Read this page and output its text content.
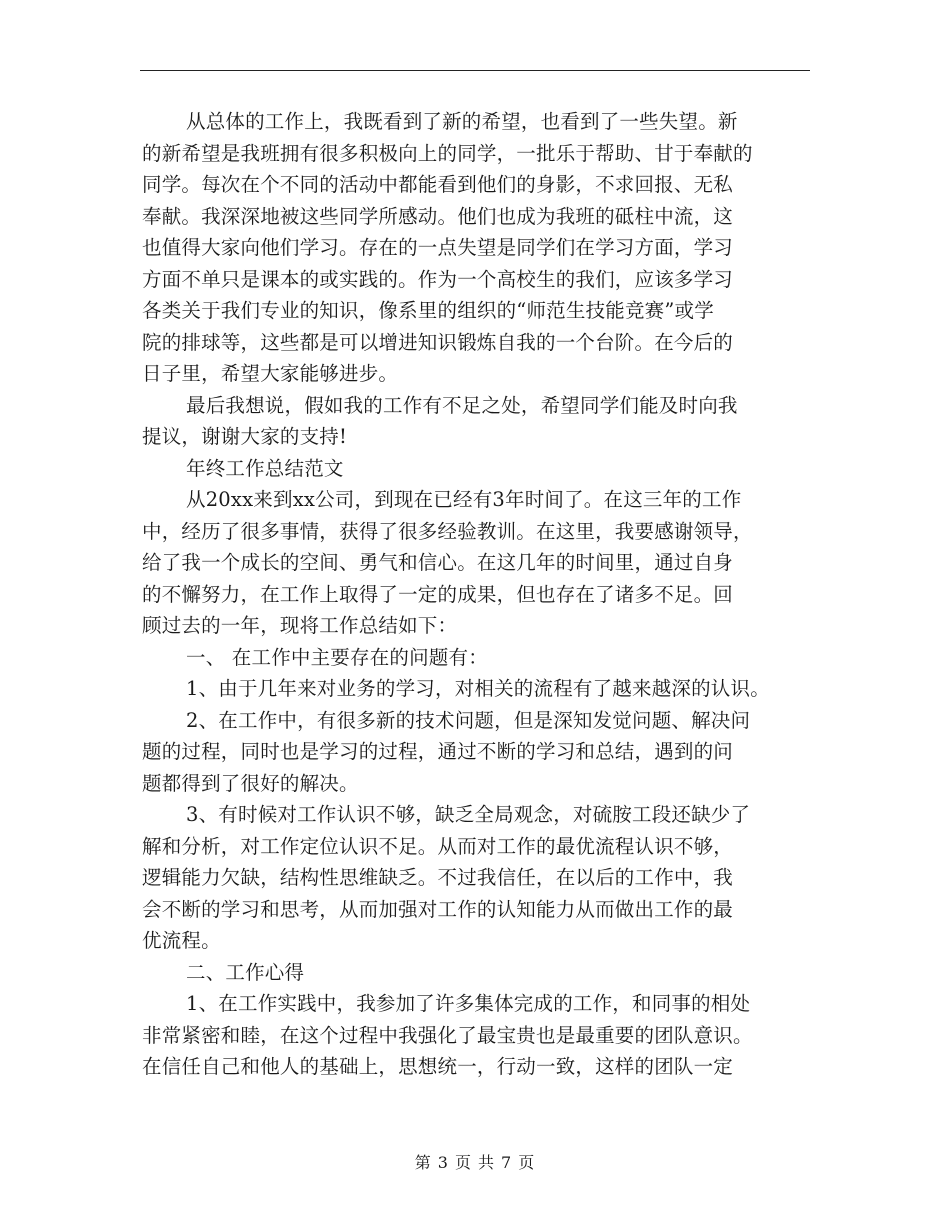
从总体的工作上，我既看到了新的希望，也看到了一些失望。新
的新希望是我班拥有很多积极向上的同学，一批乐于帮助、甘于奉献的
同学。每次在个不同的活动中都能看到他们的身影，不求回报、无私
奉献。我深深地被这些同学所感动。他们也成为我班的砥柱中流，这
也值得大家向他们学习。存在的一点失望是同学们在学习方面，学习
方面不单只是课本的或实践的。作为一个高校生的我们，应该多学习
各类关于我们专业的知识，像系里的组织的“师范生技能竞赛”或学
院的排球等，这些都是可以增进知识锻炼自我的一个台阶。在今后的
日子里，希望大家能够进步。
最后我想说，假如我的工作有不足之处，希望同学们能及时向我
提议，谢谢大家的支持!
年终工作总结范文
从20xx来到xx公司，到现在已经有3年时间了。在这三年的工作
中，经历了很多事情，获得了很多经验教训。在这里，我要感谢领导，
给了我一个成长的空间、勇气和信心。在这几年的时间里，通过自身
的不懈努力，在工作上取得了一定的成果，但也存在了诸多不足。回
顾过去的一年，现将工作总结如下：
一、 在工作中主要存在的问题有：
1、由于几年来对业务的学习，对相关的流程有了越来越深的认识。
2、在工作中，有很多新的技术问题，但是深知发觉问题、解决问
题的过程，同时也是学习的过程，通过不断的学习和总结，遇到的问
题都得到了很好的解决。
3、有时候对工作认识不够，缺乏全局观念，对硫胺工段还缺少了
解和分析，对工作定位认识不足。从而对工作的最优流程认识不够，
逻辑能力欠缺，结构性思维缺乏。不过我信任，在以后的工作中，我
会不断的学习和思考，从而加强对工作的认知能力从而做出工作的最
优流程。
二、工作心得
1、在工作实践中，我参加了许多集体完成的工作，和同事的相处
非常紧密和睦，在这个过程中我强化了最宝贵也是最重要的团队意识。
在信任自己和他人的基础上，思想统一，行动一致，这样的团队一定
第 3 页 共 7 页
